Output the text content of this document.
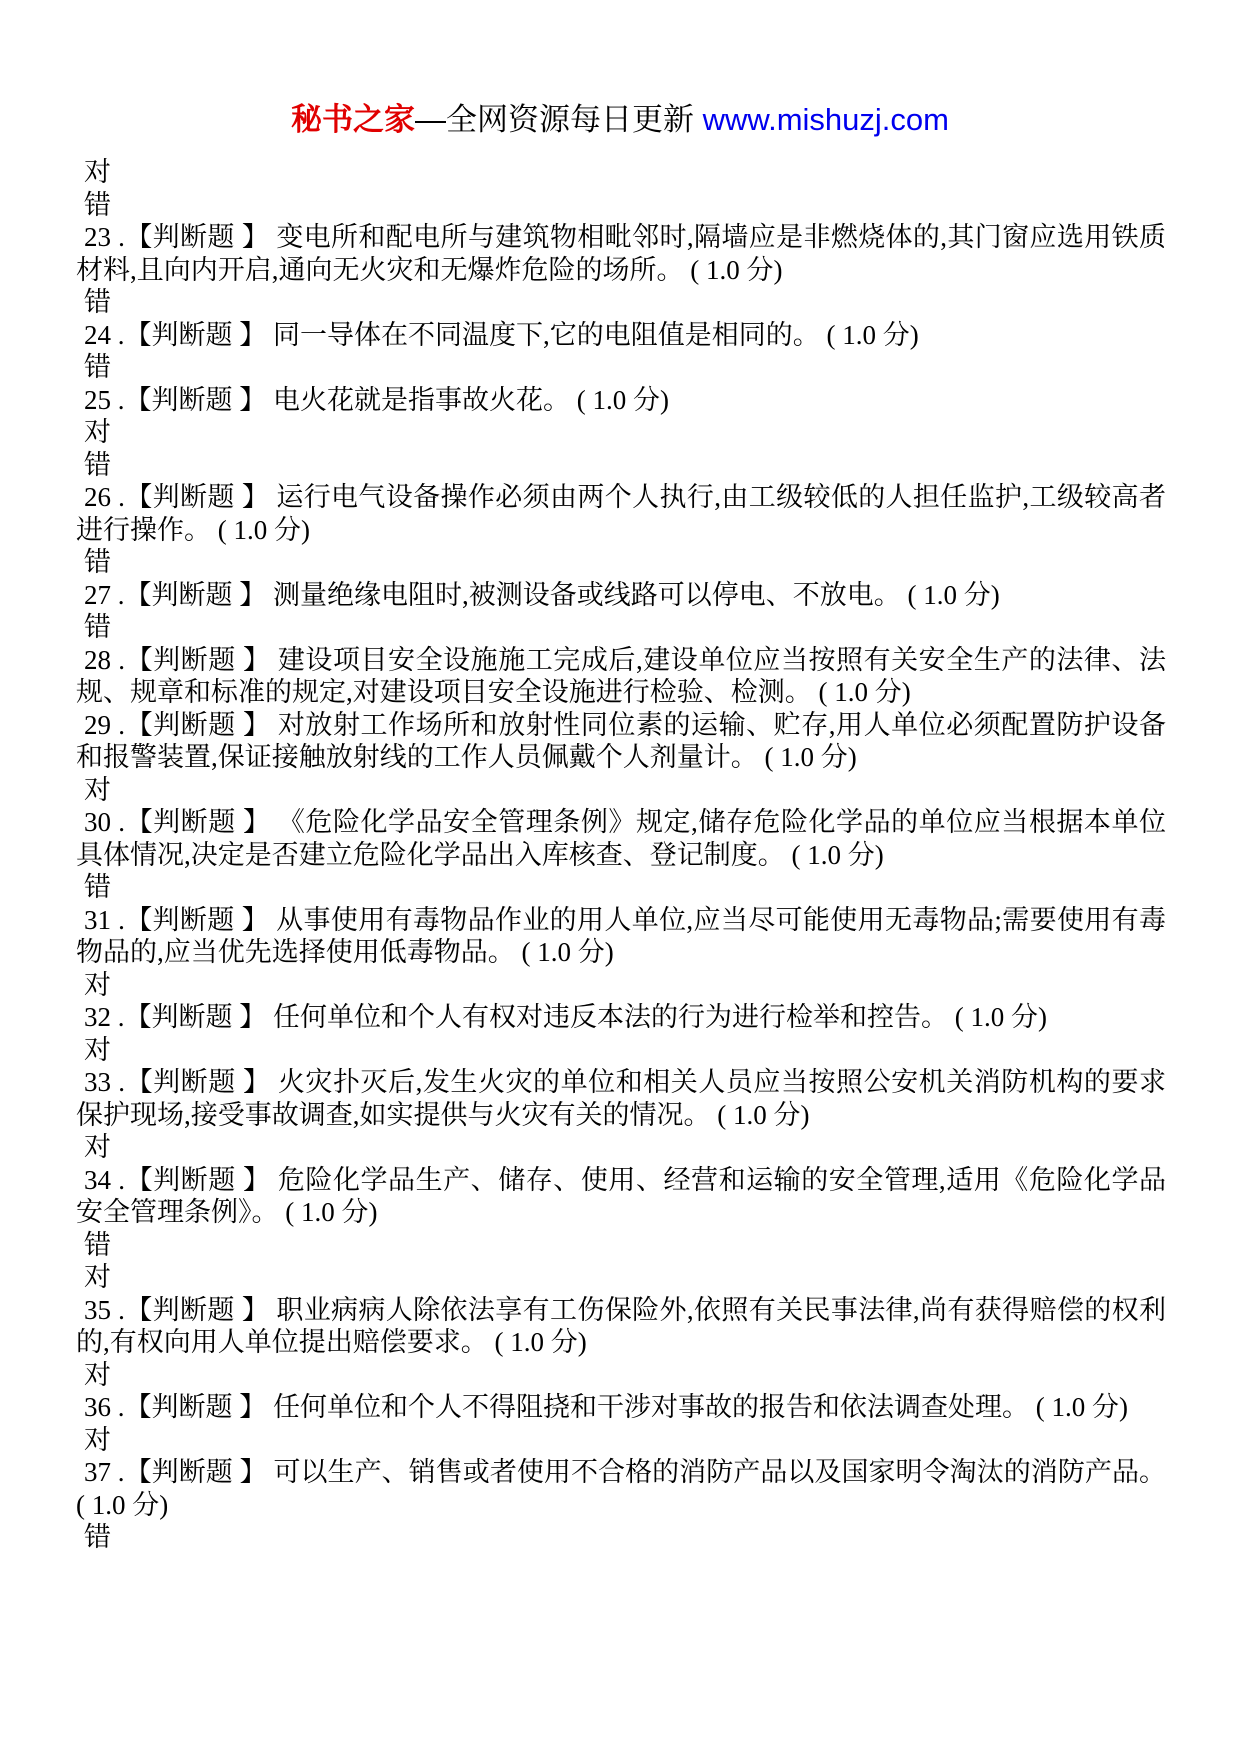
秘书之家—全网资源每日更新 www.mishuzj.com
对
错
23 .【判断题 】 变电所和配电所与建筑物相毗邻时,隔墙应是非燃烧体的,其门窗应选用铁质材料,且向内开启,通向无火灾和无爆炸危险的场所。 ( 1.0 分)
错
24 .【判断题 】 同一导体在不同温度下,它的电阻值是相同的。 ( 1.0 分)
错
25 .【判断题 】 电火花就是指事故火花。 ( 1.0 分)
对
错
26 .【判断题 】 运行电气设备操作必须由两个人执行,由工级较低的人担任监护,工级较高者进行操作。 ( 1.0 分)
错
27 .【判断题 】 测量绝缘电阻时,被测设备或线路可以停电、不放电。 ( 1.0 分)
错
28 .【判断题 】 建设项目安全设施施工完成后,建设单位应当按照有关安全生产的法律、法规、规章和标准的规定,对建设项目安全设施进行检验、检测。 ( 1.0 分)
29 .【判断题 】 对放射工作场所和放射性同位素的运输、贮存,用人单位必须配置防护设备和报警装置,保证接触放射线的工作人员佩戴个人剂量计。 ( 1.0 分)
对
30 .【判断题 】 《危险化学品安全管理条例》规定,储存危险化学品的单位应当根据本单位具体情况,决定是否建立危险化学品出入库核查、登记制度。 ( 1.0 分)
错
31 .【判断题 】 从事使用有毒物品作业的用人单位,应当尽可能使用无毒物品;需要使用有毒物品的,应当优先选择使用低毒物品。 ( 1.0 分)
对
32 .【判断题 】 任何单位和个人有权对违反本法的行为进行检举和控告。 ( 1.0 分)
对
33 .【判断题 】 火灾扑灭后,发生火灾的单位和相关人员应当按照公安机关消防机构的要求保护现场,接受事故调查,如实提供与火灾有关的情况。 ( 1.0 分)
对
34 .【判断题 】 危险化学品生产、储存、使用、经营和运输的安全管理,适用《危险化学品安全管理条例》。 ( 1.0 分)
错
对
35 .【判断题 】 职业病病人除依法享有工伤保险外,依照有关民事法律,尚有获得赔偿的权利的,有权向用人单位提出赔偿要求。 ( 1.0 分)
对
36 .【判断题 】 任何单位和个人不得阻挠和干涉对事故的报告和依法调查处理。 ( 1.0 分)
对
37 .【判断题 】 可以生产、销售或者使用不合格的消防产品以及国家明令淘汰的消防产品。 ( 1.0 分)
错
